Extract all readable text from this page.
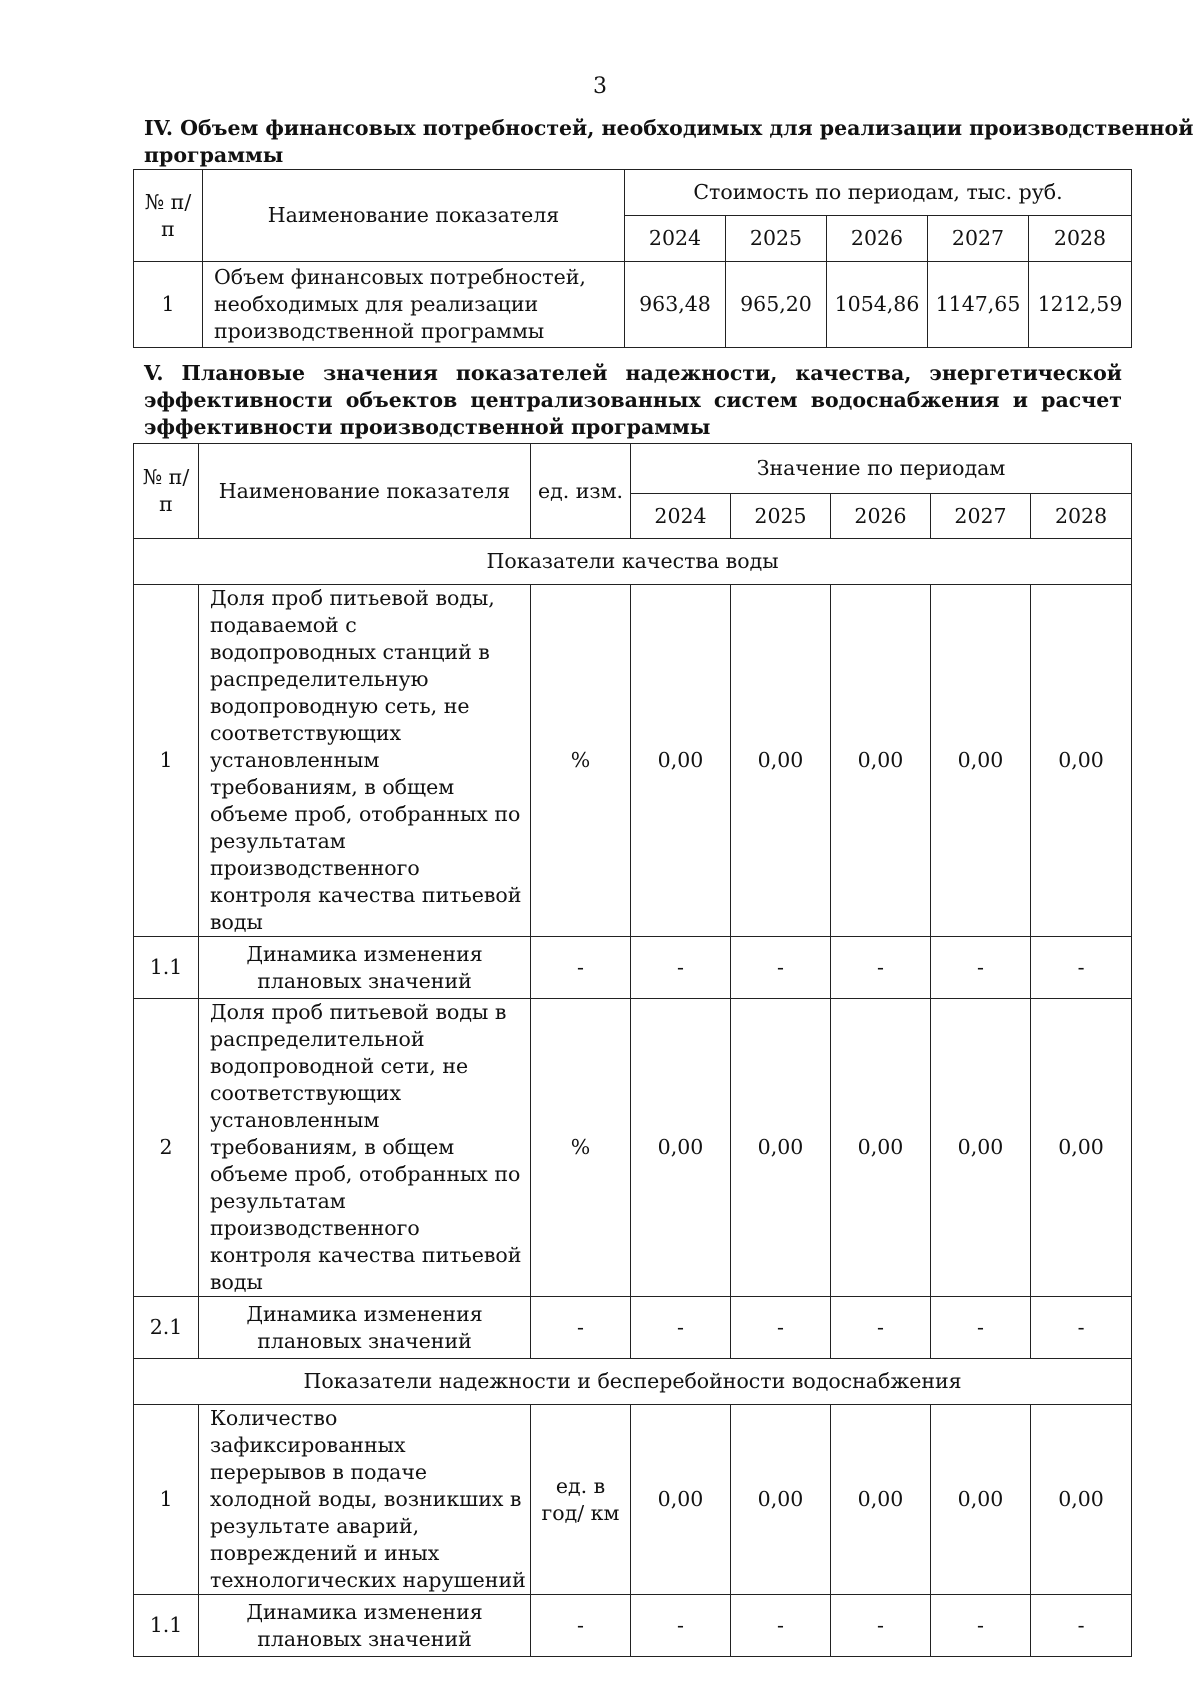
3
IV. Объем финансовых потребностей, необходимых для реализации производственной
программы
№ п/п	Наименование показателя	Стоимость по периодам, тыс. руб.				
		2024	2025	2026	2027	2028
1	Объем финансовых потребностей, необходимых для реализации производственной программы	963,48	965,20	1054,86	1147,65	1212,59
V. Плановые значения показателей надежности, качества, энергетической
эффективности объектов централизованных систем водоснабжения и расчет
эффективности производственной программы
№ п/п	Наименование показателя	ед. изм.	Значение по периодам				
			2024	2025	2026	2027	2028
Показатели качества воды							
1	Доля проб питьевой воды, подаваемой с водопроводных станций в распределительную водопроводную сеть, не соответствующих установленным требованиям, в общем объеме проб, отобранных по результатам производственного контроля качества питьевой воды	%	0,00	0,00	0,00	0,00	0,00
1.1	Динамика изменения плановых значений	-	-	-	-	-	-
2	Доля проб питьевой воды в распределительной водопроводной сети, не соответствующих установленным требованиям, в общем объеме проб, отобранных по результатам производственного контроля качества питьевой воды	%	0,00	0,00	0,00	0,00	0,00
2.1	Динамика изменения плановых значений	-	-	-	-	-	-
Показатели надежности и бесперебойности водоснабжения							
1	Количество зафиксированных перерывов в подаче холодной воды, возникших в результате аварий, повреждений и иных технологических нарушений	ед. в год/ км	0,00	0,00	0,00	0,00	0,00
1.1	Динамика изменения плановых значений	-	-	-	-	-	-
